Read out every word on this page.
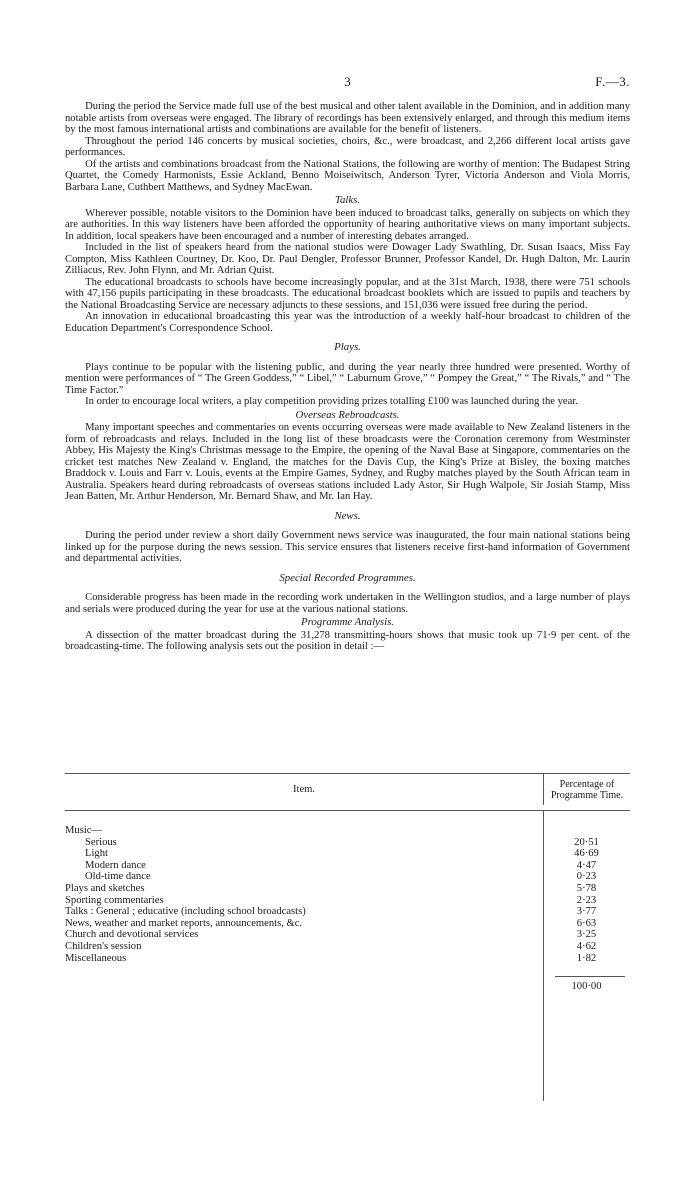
3	F.—3.

During the period the Service made full use of the best musical and other talent available in the Dominion, and in addition many notable artists from overseas were engaged. The library of recordings has been extensively enlarged, and through this medium items by the most famous international artists and combinations are available for the benefit of listeners.

Throughout the period 146 concerts by musical societies, choirs, &c., were broadcast, and 2,266 different local artists gave performances.

Of the artists and combinations broadcast from the National Stations, the following are worthy of mention: The Budapest String Quartet, the Comedy Harmonists, Essie Ackland, Benno Moiseiwitsch, Anderson Tyrer, Victoria Anderson and Viola Morris, Barbara Lane, Cuthbert Matthews, and Sydney MacEwan.

Talks.

Wherever possible, notable visitors to the Dominion have been induced to broadcast talks, generally on subjects on which they are authorities. In this way listeners have been afforded the opportunity of hearing authoritative views on many important subjects. In addition, local speakers have been encouraged and a number of interesting debates arranged.

Included in the list of speakers heard from the national studios were Dowager Lady Swathling, Dr. Susan Isaacs, Miss Fay Compton, Miss Kathleen Courtney, Dr. Koo, Dr. Paul Dengler, Professor Brunner, Professor Kandel, Dr. Hugh Dalton, Mr. Laurin Zilliacus, Rev. John Flynn, and Mr. Adrian Quist.

The educational broadcasts to schools have become increasingly popular, and at the 31st March, 1938, there were 751 schools with 47,156 pupils participating in these broadcasts. The educational broadcast booklets which are issued to pupils and teachers by the National Broadcasting Service are necessary adjuncts to these sessions, and 151,036 were issued free during the period.

An innovation in educational broadcasting this year was the introduction of a weekly half-hour broadcast to children of the Education Department's Correspondence School.

Plays.

Plays continue to be popular with the listening public, and during the year nearly three hundred were presented. Worthy of mention were performances of “ The Green Goddess,” “ Libel,” “ Laburnum Grove,” “ Pompey the Great,” “ The Rivals,” and “ The Time Factor.”

In order to encourage local writers, a play competition providing prizes totalling £100 was launched during the year.

Overseas Rebroadcasts.

Many important speeches and commentaries on events occurring overseas were made available to New Zealand listeners in the form of rebroadcasts and relays. Included in the long list of these broadcasts were the Coronation ceremony from Westminster Abbey, His Majesty the King's Christmas message to the Empire, the opening of the Naval Base at Singapore, commentaries on the cricket test matches New Zealand v. England, the matches for the Davis Cup, the King's Prize at Bisley, the boxing matches Braddock v. Louis and Farr v. Louis, events at the Empire Games, Sydney, and Rugby matches played by the South African team in Australia. Speakers heard during rebroadcasts of overseas stations included Lady Astor, Sir Hugh Walpole, Sir Josiah Stamp, Miss Jean Batten, Mr. Arthur Henderson, Mr. Bernard Shaw, and Mr. Ian Hay.

News.

During the period under review a short daily Government news service was inaugurated, the four main national stations being linked up for the purpose during the news session. This service ensures that listeners receive first-hand information of Government and departmental activities.

Special Recorded Programmes.

Considerable progress has been made in the recording work undertaken in the Wellington studios, and a large number of plays and serials were produced during the year for use at the various national stations.

Programme Analysis.

A dissection of the matter broadcast during the 31,278 transmitting-hours shows that music took up 71·9 per cent. of the broadcasting-time. The following analysis sets out the position in detail :—

Item.	Percentage of
Programme Time.
Music—
Serious	20·51
Light	46·69
Modern dance	4·47
Old-time dance	0·23
Plays and sketches	5·78
Sporting commentaries	2·23
Talks : General ; educative (including school broadcasts)	3·77
News, weather and market reports, announcements, &c.	6·63
Church and devotional services	3·25
Children's session	4·62
Miscellaneous	1·82
100·00
